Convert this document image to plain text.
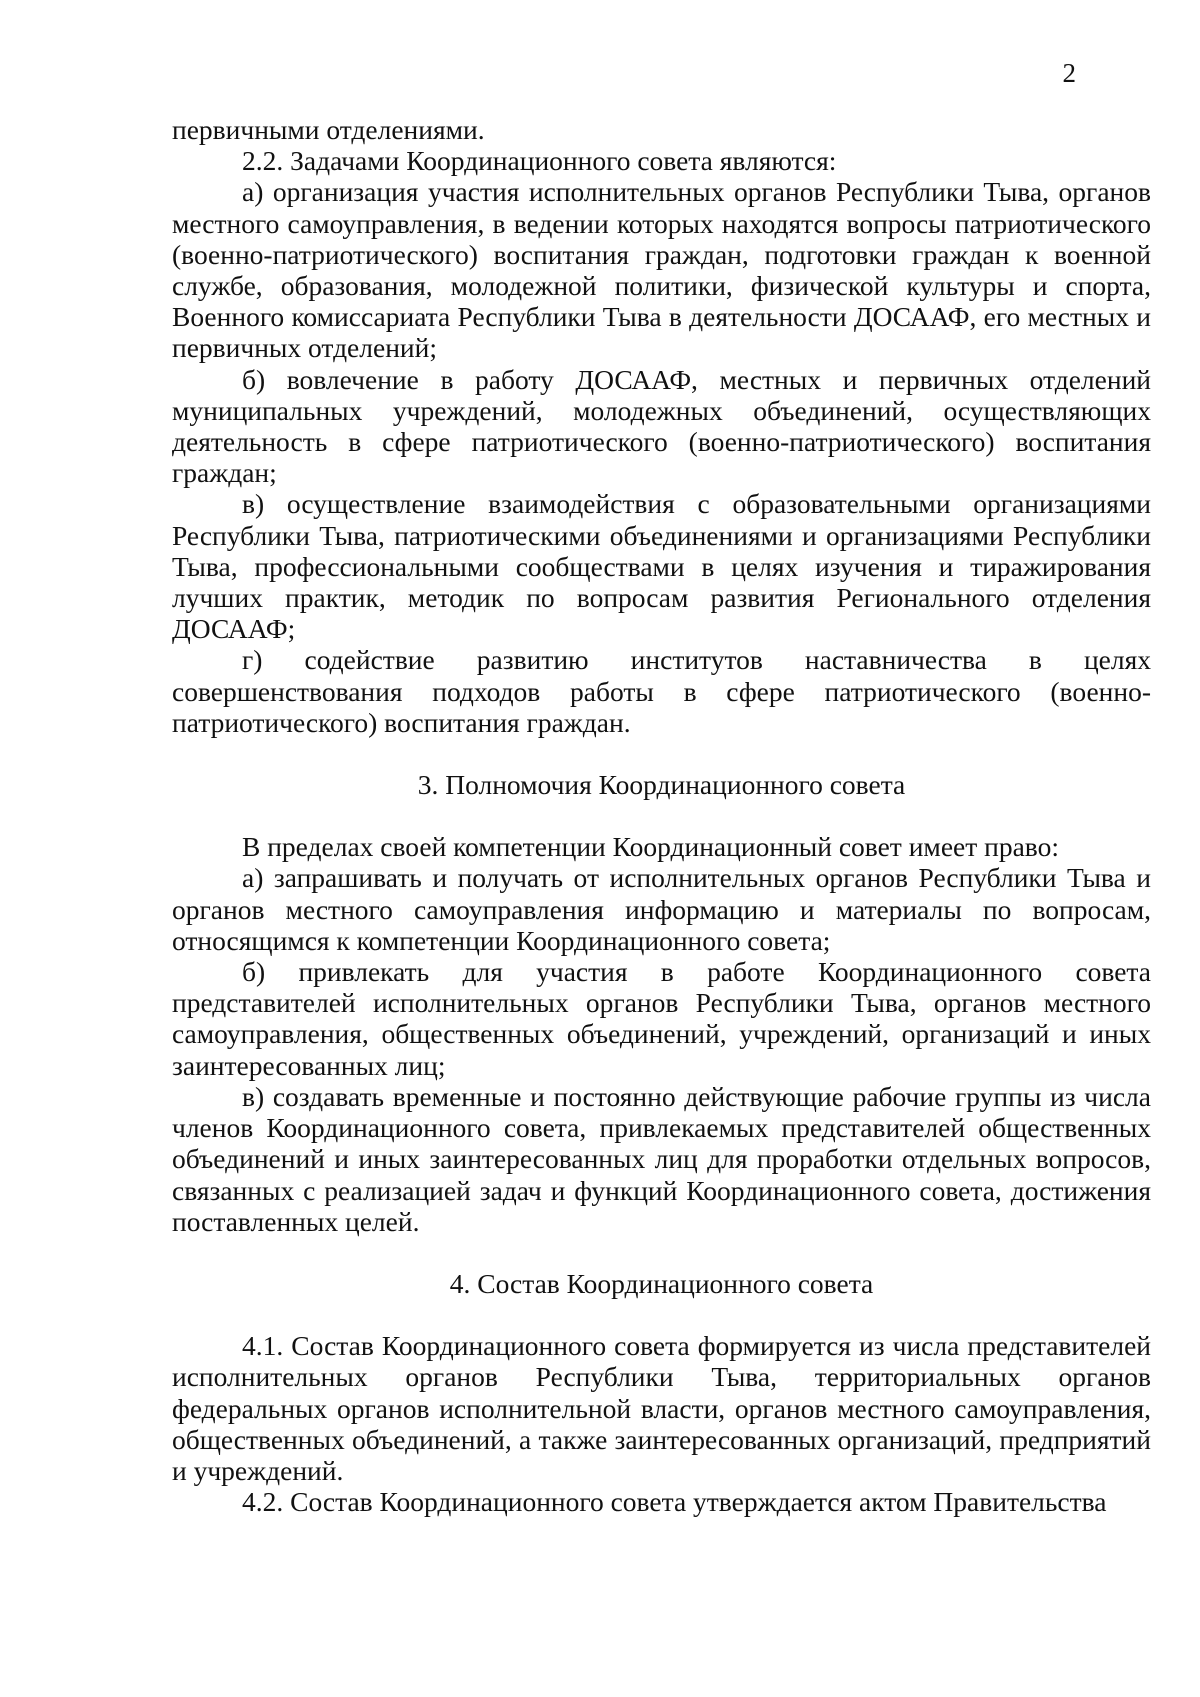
2

первичными отделениями.

2.2. Задачами Координационного совета являются:

а) организация участия исполнительных органов Республики Тыва, органов местного самоуправления, в ведении которых находятся вопросы патриотического (военно-патриотического) воспитания граждан, подготовки граждан к военной службе, образования, молодежной политики, физической культуры и спорта, Военного комиссариата Республики Тыва в деятельности ДОСААФ, его местных и первичных отделений;

б) вовлечение в работу ДОСААФ, местных и первичных отделений муниципальных учреждений, молодежных объединений, осуществляющих деятельность в сфере патриотического (военно-патриотического) воспитания граждан;

в) осуществление взаимодействия с образовательными организациями Республики Тыва, патриотическими объединениями и организациями Республики Тыва, профессиональными сообществами в целях изучения и тиражирования лучших практик, методик по вопросам развития Регионального отделения ДОСААФ;

г) содействие развитию институтов наставничества в целях совершенствования подходов работы в сфере патриотического (военно- патриотического) воспитания граждан.

3. Полномочия Координационного совета

В пределах своей компетенции Координационный совет имеет право:

а) запрашивать и получать от исполнительных органов Республики Тыва и органов местного самоуправления информацию и материалы по вопросам, относящимся к компетенции Координационного совета;

б) привлекать для участия в работе Координационного совета представителей исполнительных органов Республики Тыва, органов местного самоуправления, общественных объединений, учреждений, организаций и иных заинтересованных лиц;

в) создавать временные и постоянно действующие рабочие группы из числа членов Координационного совета, привлекаемых представителей общественных объединений и иных заинтересованных лиц для проработки отдельных вопросов, связанных с реализацией задач и функций Координационного совета, достижения поставленных целей.

4. Состав Координационного совета

4.1. Состав Координационного совета формируется из числа представителей исполнительных органов Республики Тыва, территориальных органов федеральных органов исполнительной власти, органов местного самоуправления, общественных объединений, а также заинтересованных организаций, предприятий и учреждений.

4.2. Состав Координационного совета утверждается актом Правительства
